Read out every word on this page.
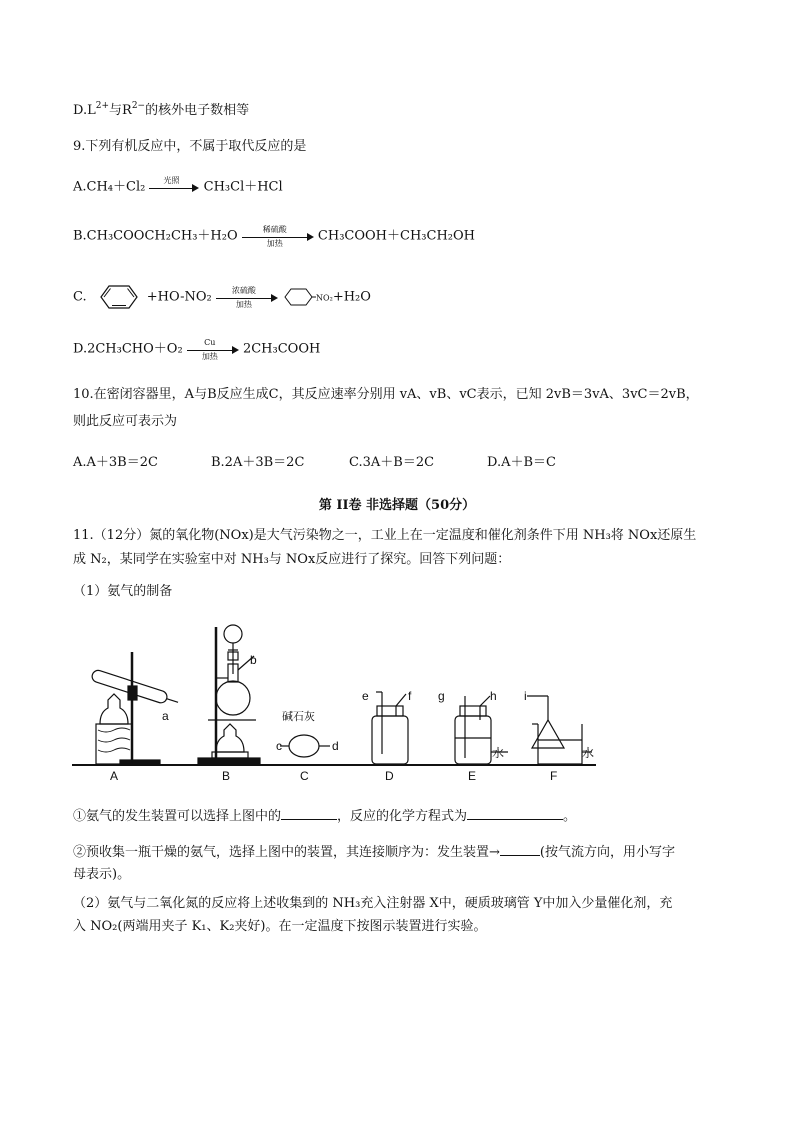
$D.L^{2+}$与$R^{2-}$的核外电子数相等
9.下列有机反应中，不属于取代反应的是
A.CH₄＋Cl₂	光照	CH₃Cl＋HCl
B.CH₃COOCH₂CH₃＋H₂O	稀硫酸
加热	CH₃COOH＋CH₃CH₂OH
C.	+HO-NO₂	浓硫酸
加热
NO₂+H₂O
D.2CH₃CHO＋O₂	Cu
加热	2CH₃COOH
10.在密闭容器里，A与B反应生成C，其反应速率分别用 vA、vB、vC表示，已知 2vB＝3vA、3vC＝2vB，
则此反应可表示为
A.A＋3B＝2C	B.2A＋3B＝2C	C.3A＋B＝2C	D.A＋B＝C
第 II卷 非选择题（50分）
11.（12分）氮的氧化物(NOx)是大气污染物之一，工业上在一定温度和催化剂条件下用 NH₃将 NOx还原生
成 N₂，某同学在实验室中对 NH₃与 NOx反应进行了探究。回答下列问题：
（1）氨气的制备
a
b
碱石灰
c	d
e	f g	h
水
i
水
A	B	C	D	E	F
①氨气的发生装置可以选择上图中的	，反应的化学方程式为	。
②预收集一瓶干燥的氨气，选择上图中的装置，其连接顺序为：发生装置→	(按气流方向，用小写字
母表示)。
（2）氨气与二氧化氮的反应将上述收集到的 NH₃充入注射器 X中，硬质玻璃管 Y中加入少量催化剂，充
入 NO₂(两端用夹子 K₁、K₂夹好)。在一定温度下按图示装置进行实验。
